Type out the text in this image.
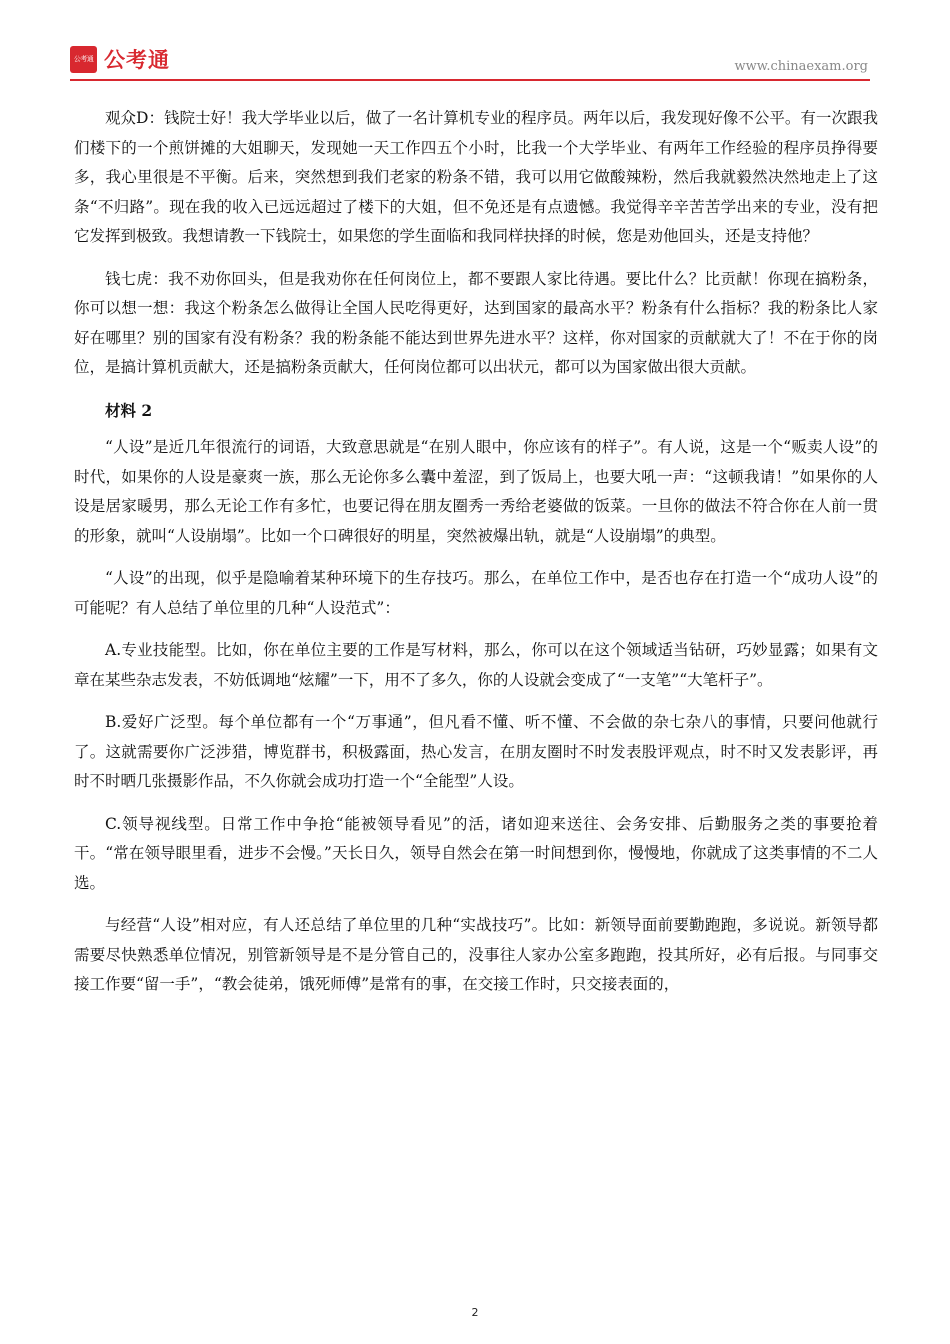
公考通 公考通	www.chinaexam.org

观众D：钱院士好！我大学毕业以后，做了一名计算机专业的程序员。两年以后，我发现好像不公平。有一次跟我们楼下的一个煎饼摊的大姐聊天，发现她一天工作四五个小时，比我一个大学毕业、有两年工作经验的程序员挣得要多，我心里很是不平衡。后来，突然想到我们老家的粉条不错，我可以用它做酸辣粉，然后我就毅然决然地走上了这条“不归路”。现在我的收入已远远超过了楼下的大姐，但不免还是有点遗憾。我觉得辛辛苦苦学出来的专业，没有把它发挥到极致。我想请教一下钱院士，如果您的学生面临和我同样抉择的时候，您是劝他回头，还是支持他？

钱七虎：我不劝你回头，但是我劝你在任何岗位上，都不要跟人家比待遇。要比什么？比贡献！你现在搞粉条，你可以想一想：我这个粉条怎么做得让全国人民吃得更好，达到国家的最高水平？粉条有什么指标？我的粉条比人家好在哪里？别的国家有没有粉条？我的粉条能不能达到世界先进水平？这样，你对国家的贡献就大了！不在于你的岗位，是搞计算机贡献大，还是搞粉条贡献大，任何岗位都可以出状元，都可以为国家做出很大贡献。

材料 2

“人设”是近几年很流行的词语，大致意思就是“在别人眼中，你应该有的样子”。有人说，这是一个“贩卖人设”的时代，如果你的人设是豪爽一族，那么无论你多么囊中羞涩，到了饭局上，也要大吼一声：“这顿我请！”如果你的人设是居家暖男，那么无论工作有多忙，也要记得在朋友圈秀一秀给老婆做的饭菜。一旦你的做法不符合你在人前一贯的形象，就叫“人设崩塌”。比如一个口碑很好的明星，突然被爆出轨，就是“人设崩塌”的典型。

“人设”的出现，似乎是隐喻着某种环境下的生存技巧。那么，在单位工作中，是否也存在打造一个“成功人设”的可能呢？有人总结了单位里的几种“人设范式”：

A.专业技能型。比如，你在单位主要的工作是写材料，那么，你可以在这个领域适当钻研，巧妙显露；如果有文章在某些杂志发表，不妨低调地“炫耀”一下，用不了多久，你的人设就会变成了“一支笔”“大笔杆子”。

B.爱好广泛型。每个单位都有一个“万事通”，但凡看不懂、听不懂、不会做的杂七杂八的事情，只要问他就行了。这就需要你广泛涉猎，博览群书，积极露面，热心发言，在朋友圈时不时发表股评观点，时不时又发表影评，再时不时晒几张摄影作品，不久你就会成功打造一个“全能型”人设。

C.领导视线型。日常工作中争抢“能被领导看见”的活，诸如迎来送往、会务安排、后勤服务之类的事要抢着干。“常在领导眼里看，进步不会慢。”天长日久，领导自然会在第一时间想到你，慢慢地，你就成了这类事情的不二人选。

与经营“人设”相对应，有人还总结了单位里的几种“实战技巧”。比如：新领导面前要勤跑跑，多说说。新领导都需要尽快熟悉单位情况，别管新领导是不是分管自己的，没事往人家办公室多跑跑，投其所好，必有后报。与同事交接工作要“留一手”，“教会徒弟，饿死师傅”是常有的事，在交接工作时，只交接表面的，

2
